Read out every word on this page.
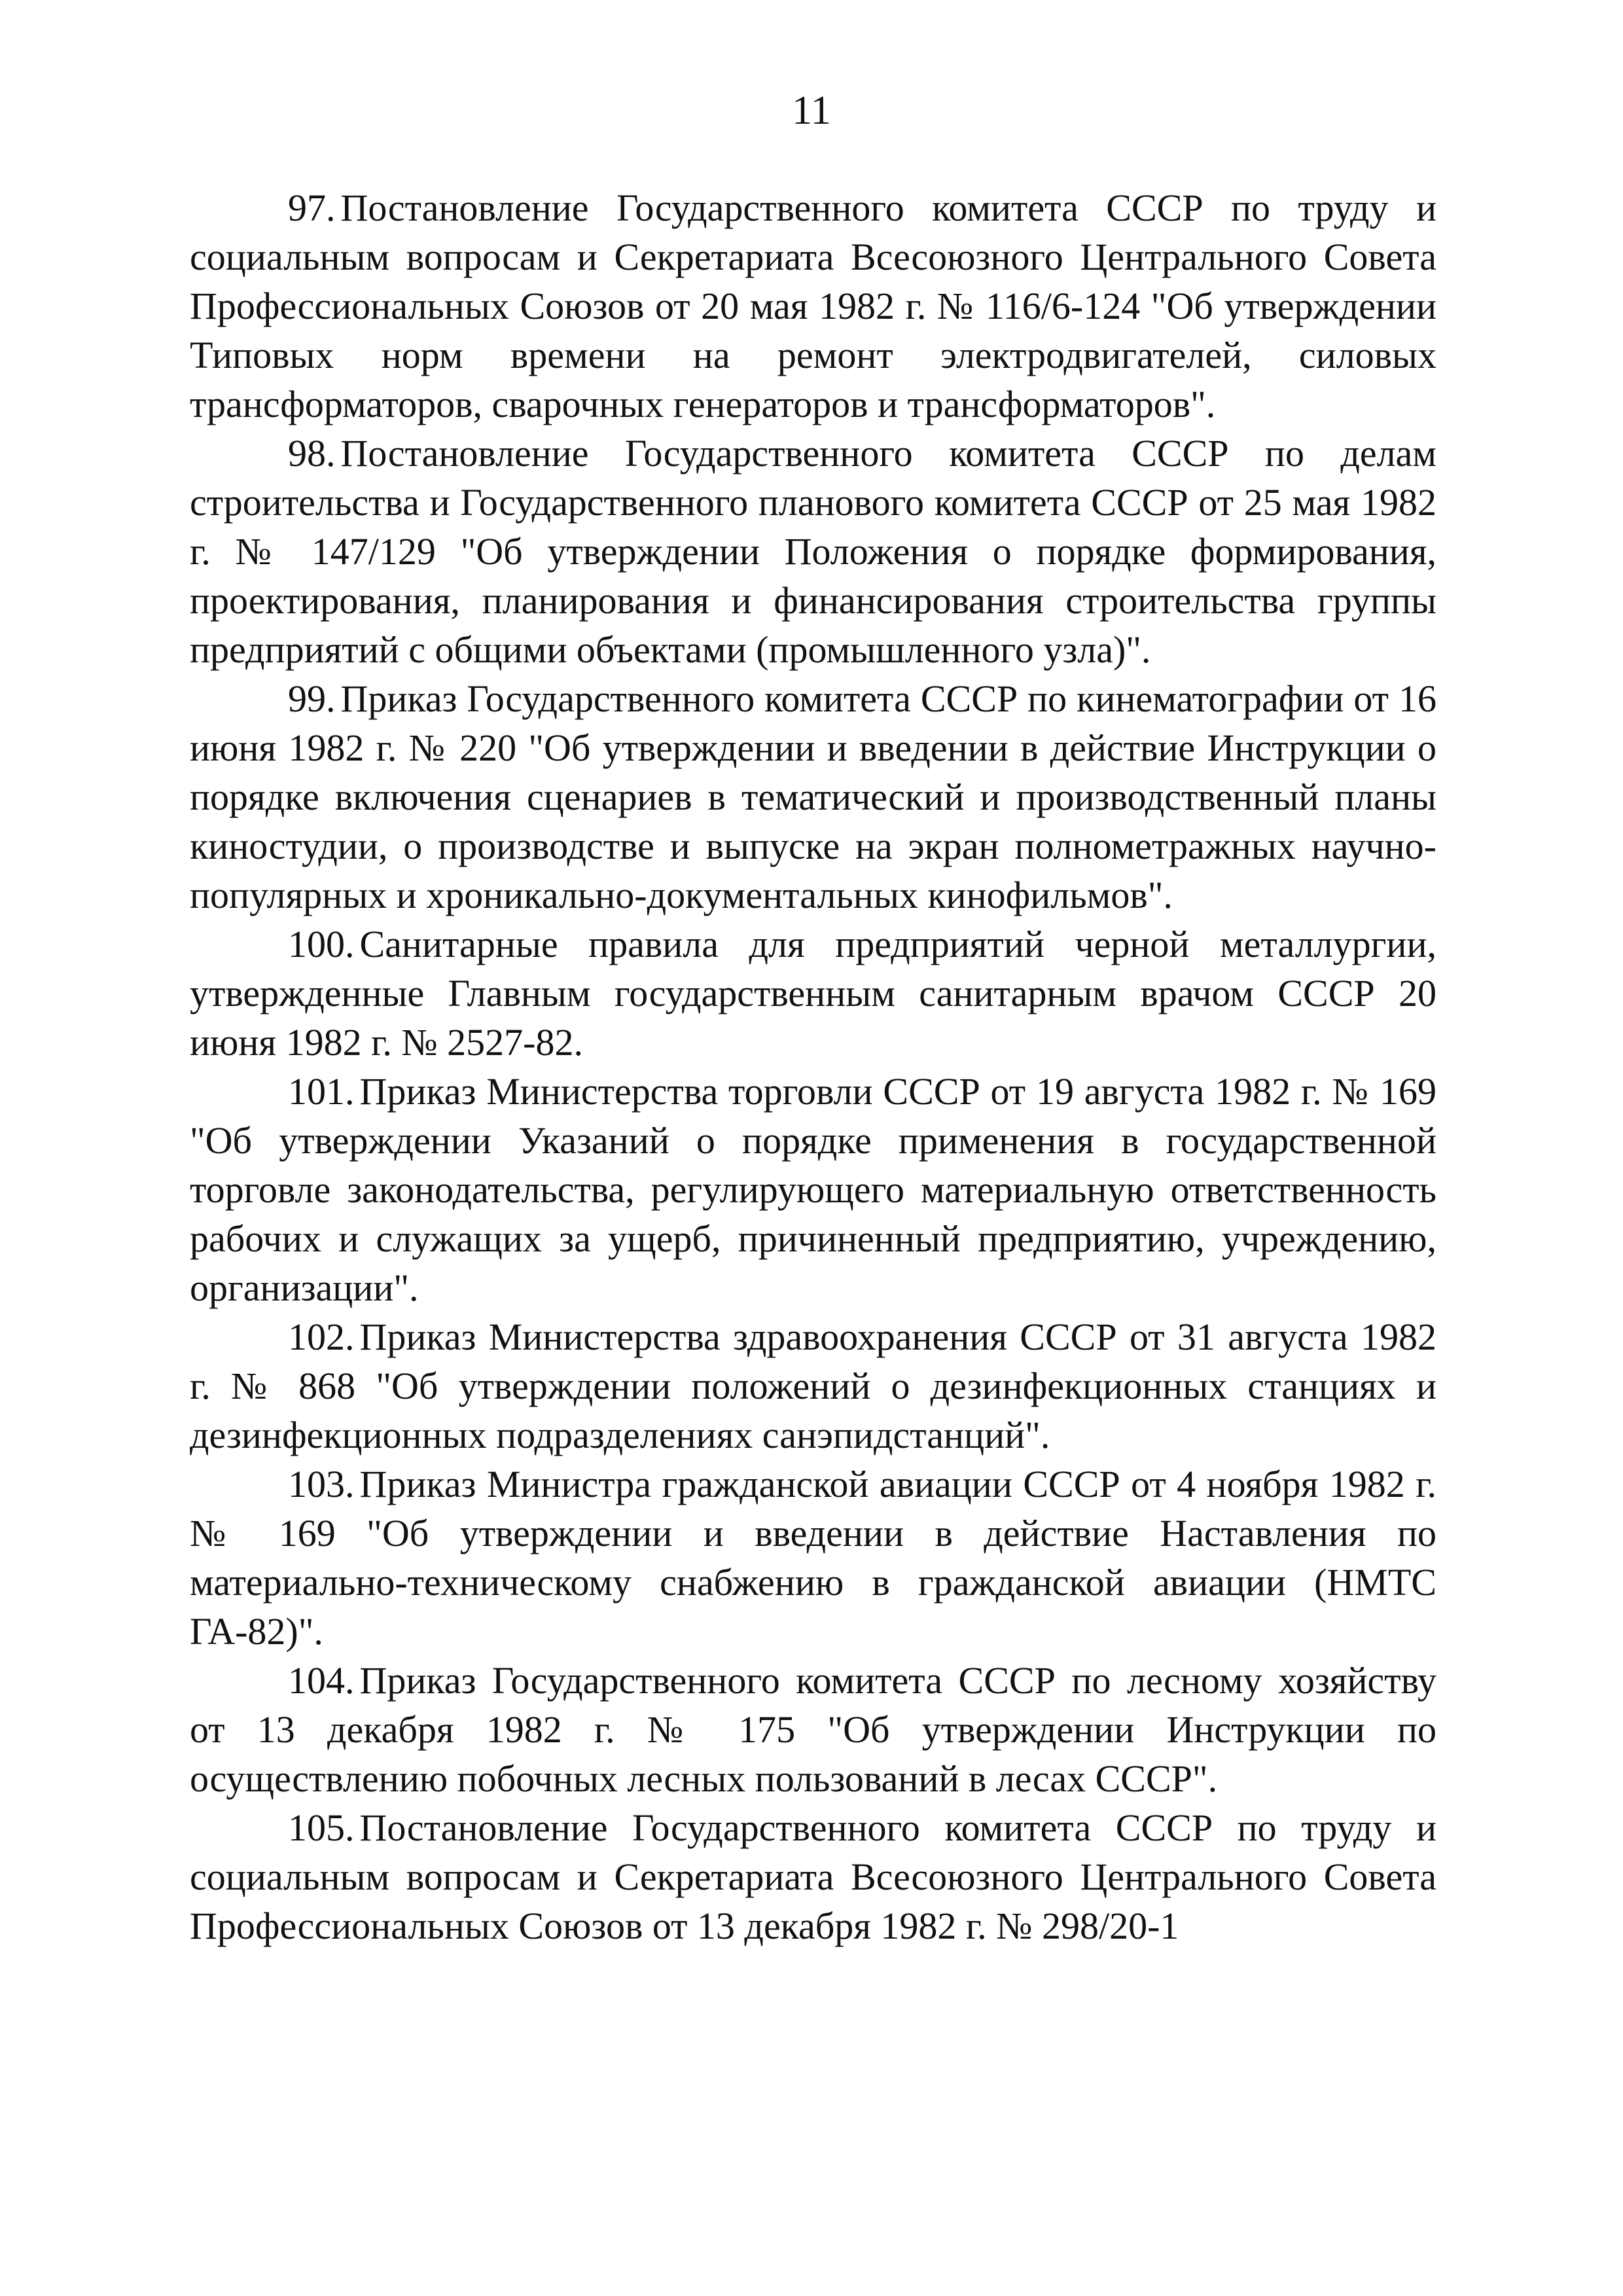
11

97. Постановление Государственного комитета СССР по труду и социальным вопросам и Секретариата Всесоюзного Центрального Совета Профессиональных Союзов от 20 мая 1982 г. № 116/6-124 "Об утверждении Типовых норм времени на ремонт электродвигателей, силовых трансформаторов, сварочных генераторов и трансформаторов".

98. Постановление Государственного комитета СССР по делам строительства и Государственного планового комитета СССР от 25 мая 1982 г. № 147/129 "Об утверждении Положения о порядке формирования, проектирования, планирования и финансирования строительства группы предприятий с общими объектами (промышленного узла)".

99. Приказ Государственного комитета СССР по кинематографии от 16 июня 1982 г. № 220 "Об утверждении и введении в действие Инструкции о порядке включения сценариев в тематический и производственный планы киностудии, о производстве и выпуске на экран полнометражных научно-популярных и хроникально-документальных кинофильмов".

100. Санитарные правила для предприятий черной металлургии, утвержденные Главным государственным санитарным врачом СССР 20 июня 1982 г. № 2527-82.

101. Приказ Министерства торговли СССР от 19 августа 1982 г. № 169 "Об утверждении Указаний о порядке применения в государственной торговле законодательства, регулирующего материальную ответственность рабочих и служащих за ущерб, причиненный предприятию, учреждению, организации".

102. Приказ Министерства здравоохранения СССР от 31 августа 1982 г. № 868 "Об утверждении положений о дезинфекционных станциях и дезинфекционных подразделениях санэпидстанций".

103. Приказ Министра гражданской авиации СССР от 4 ноября 1982 г. № 169 "Об утверждении и введении в действие Наставления по материально-техническому снабжению в гражданской авиации (НМТС ГА-82)".

104. Приказ Государственного комитета СССР по лесному хозяйству от 13 декабря 1982 г. № 175 "Об утверждении Инструкции по осуществлению побочных лесных пользований в лесах СССР".

105. Постановление Государственного комитета СССР по труду и социальным вопросам и Секретариата Всесоюзного Центрального Совета Профессиональных Союзов от 13 декабря 1982 г. № 298/20-1
